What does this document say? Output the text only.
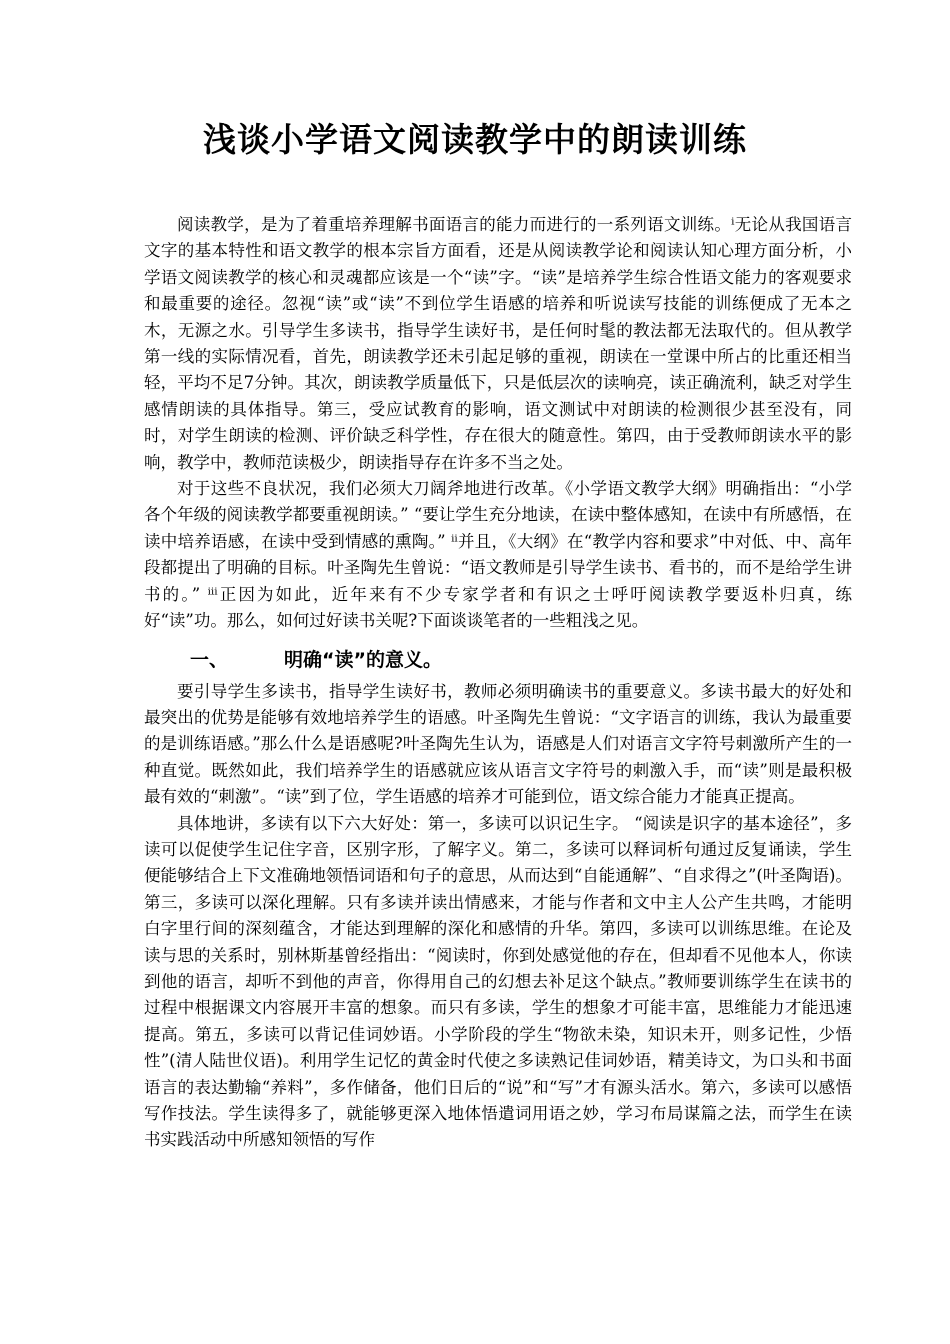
浅谈小学语文阅读教学中的朗读训练

阅读教学，是为了着重培养理解书面语言的能力而进行的一系列语文训练。ⁱ无论从我国语言文字的基本特性和语文教学的根本宗旨方面看，还是从阅读教学论和阅读认知心理方面分析，小学语文阅读教学的核心和灵魂都应该是一个“读”字。“读”是培养学生综合性语文能力的客观要求和最重要的途径。忽视“读”或“读”不到位学生语感的培养和听说读写技能的训练便成了无本之木，无源之水。引导学生多读书，指导学生读好书，是任何时髦的教法都无法取代的。但从教学第一线的实际情况看，首先，朗读教学还未引起足够的重视，朗读在一堂课中所占的比重还相当轻，平均不足7分钟。其次，朗读教学质量低下，只是低层次的读响亮，读正确流利，缺乏对学生感情朗读的具体指导。第三，受应试教育的影响，语文测试中对朗读的检测很少甚至没有，同时，对学生朗读的检测、评价缺乏科学性，存在很大的随意性。第四，由于受教师朗读水平的影响，教学中，教师范读极少，朗读指导存在许多不当之处。

对于这些不良状况，我们必须大刀阔斧地进行改革。《小学语文教学大纲》明确指出：“小学各个年级的阅读教学都要重视朗读。” “要让学生充分地读，在读中整体感知，在读中有所感悟，在读中培养语感，在读中受到情感的熏陶。” ⁱⁱ并且，《大纲》在“教学内容和要求”中对低、中、高年段都提出了明确的目标。叶圣陶先生曾说：“语文教师是引导学生读书、看书的，而不是给学生讲书的。” ⁱⁱⁱ正因为如此，近年来有不少专家学者和有识之士呼吁阅读教学要返朴归真，练好“读”功。那么，如何过好读书关呢?下面谈谈笔者的一些粗浅之见。

一、	明确“读”的意义。

要引导学生多读书，指导学生读好书，教师必须明确读书的重要意义。多读书最大的好处和最突出的优势是能够有效地培养学生的语感。叶圣陶先生曾说：“文字语言的训练，我认为最重要的是训练语感。”那么什么是语感呢?叶圣陶先生认为，语感是人们对语言文字符号刺激所产生的一种直觉。既然如此，我们培养学生的语感就应该从语言文字符号的刺激入手，而“读”则是最积极最有效的“刺激”。“读”到了位，学生语感的培养才可能到位，语文综合能力才能真正提高。

具体地讲，多读有以下六大好处：第一，多读可以识记生字。 “阅读是识字的基本途径”，多读可以促使学生记住字音，区别字形，了解字义。第二，多读可以释词析句通过反复诵读，学生便能够结合上下文准确地领悟词语和句子的意思，从而达到“自能通解”、“自求得之”(叶圣陶语)。第三，多读可以深化理解。只有多读并读出情感来，才能与作者和文中主人公产生共鸣，才能明白字里行间的深刻蕴含，才能达到理解的深化和感情的升华。第四，多读可以训练思维。在论及读与思的关系时，别林斯基曾经指出：“阅读时，你到处感觉他的存在，但却看不见他本人，你读到他的语言，却听不到他的声音，你得用自己的幻想去补足这个缺点。”教师要训练学生在读书的过程中根据课文内容展开丰富的想象。而只有多读，学生的想象才可能丰富，思维能力才能迅速提高。第五，多读可以背记佳词妙语。小学阶段的学生“物欲未染，知识未开，则多记性，少悟性”(清人陆世仪语)。利用学生记忆的黄金时代使之多读熟记佳词妙语，精美诗文，为口头和书面语言的表达勤输“养料”，多作储备，他们日后的“说”和“写”才有源头活水。第六，多读可以感悟写作技法。学生读得多了，就能够更深入地体悟遣词用语之妙，学习布局谋篇之法，而学生在读书实践活动中所感知领悟的写作
